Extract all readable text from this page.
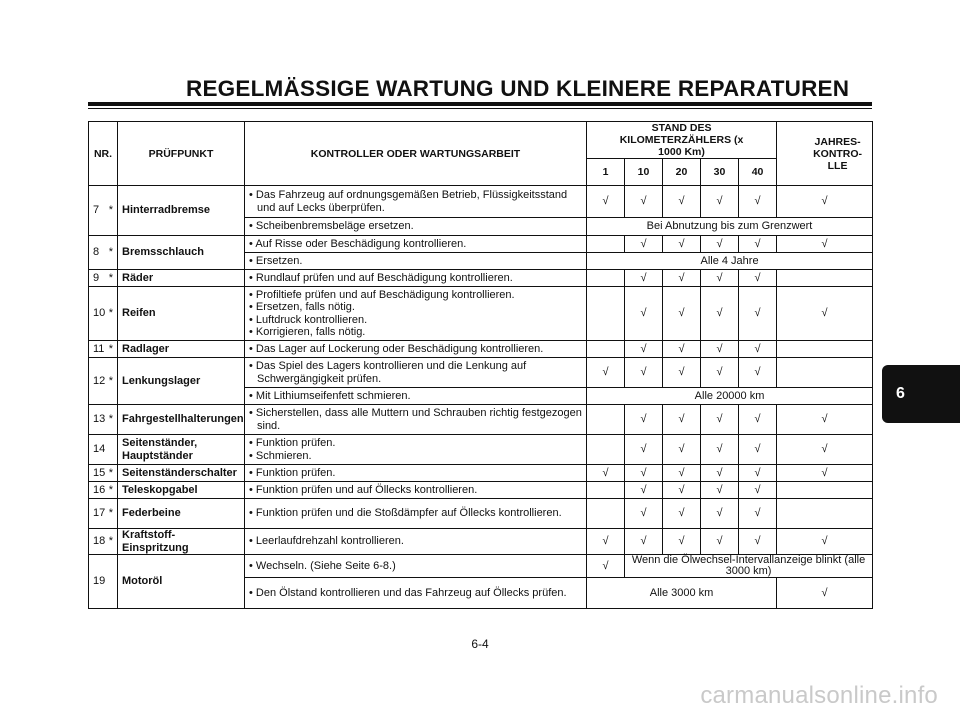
REGELMÄSSIGE WARTUNG UND KLEINERE REPARATUREN
NR.	PRÜFPUNKT	KONTROLLER ODER WARTUNGSARBEIT	STAND DES KILOMETERZÄHLERS (x 1000 Km)					JAHRES-KONTRO-LLE
			1	10	20	30	40	
7 *	Hinterradbremse	• Das Fahrzeug auf ordnungsgemäßen Betrieb, Flüssigkeitsstand und auf Lecks überprüfen.	√	√	√	√	√	√

		• Scheibenbremsbeläge ersetzen.	Bei Abnutzung bis zum Grenzwert					
8 *	Bremsschlauch	• Auf Risse oder Beschädigung kontrollieren.		√	√	√	√	√

		• Ersetzen.	Alle 4 Jahre					
9 *	Räder	• Rundlauf prüfen und auf Beschädigung kontrollieren.		√	√	√	√	
10 *	Reifen	• Profiltiefe prüfen und auf Beschädigung kontrollieren.
• Ersetzen, falls nötig.
• Luftdruck kontrollieren.
• Korrigieren, falls nötig.		√	√	√	√	√
11 *	Radlager	• Das Lager auf Lockerung oder Beschädigung kontrollieren.		√	√	√	√	
12 *	Lenkungslager	• Das Spiel des Lagers kontrollieren und die Lenkung auf Schwergängigkeit prüfen.	√	√	√	√	√	

		• Mit Lithiumseifenfett schmieren.	Alle 20000 km					
13 *	Fahrgestellhalterungen	• Sicherstellen, dass alle Muttern und Schrauben richtig festgezogen sind.		√	√	√	√	√
14	Seitenständer, Hauptständer	• Funktion prüfen.
• Schmieren.		√	√	√	√	√
15 *	Seitenständerschalter	• Funktion prüfen.	√	√	√	√	√	√
16 *	Teleskopgabel	• Funktion prüfen und auf Öllecks kontrollieren.		√	√	√	√	
17 *	Federbeine	• Funktion prüfen und die Stoßdämpfer auf Öllecks kontrollieren.		√	√	√	√	
18 *	Kraftstoff-Einspritzung	• Leerlaufdrehzahl kontrollieren.	√	√	√	√	√	√
19	Motoröl	• Wechseln. (Siehe Seite 6-8.)	√	Wenn die Ölwechsel-Intervallanzeige blinkt (alle 3000 km)				

		• Den Ölstand kontrollieren und das Fahrzeug auf Öllecks prüfen.	Alle 3000 km					√
6
6-4
carmanualsonline.info
